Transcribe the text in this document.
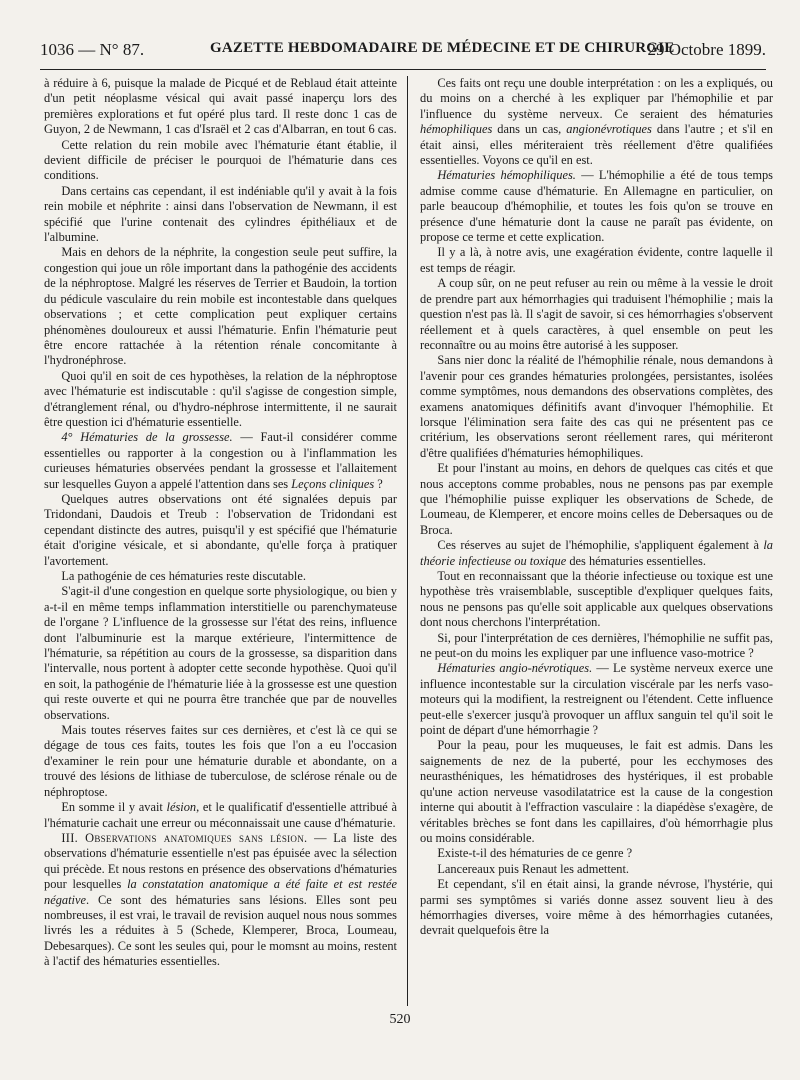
1036 — N° 87.	GAZETTE HEBDOMADAIRE DE MÉDECINE ET DE CHIRURGIE
29 Octobre 1899.

à réduire à 6, puisque la malade de Picqué et de Reblaud était atteinte d'un petit néoplasme vésical qui avait passé inaperçu lors des premières explorations et fut opéré plus tard. Il reste donc 1 cas de Guyon, 2 de Newmann, 1 cas d'Israël et 2 cas d'Albarran, en tout 6 cas.

Cette relation du rein mobile avec l'hématurie étant établie, il devient difficile de préciser le pourquoi de l'hématurie dans ces conditions.

Dans certains cas cependant, il est indéniable qu'il y avait à la fois rein mobile et néphrite : ainsi dans l'observation de Newmann, il est spécifié que l'urine contenait des cylindres épithéliaux et de l'albumine.

Mais en dehors de la néphrite, la congestion seule peut suffire, la congestion qui joue un rôle important dans la pathogénie des accidents de la néphroptose. Malgré les réserves de Terrier et Baudoin, la tortion du pédicule vasculaire du rein mobile est incontestable dans quelques observations ; et cette complication peut expliquer certains phénomènes douloureux et aussi l'hématurie. Enfin l'hématurie peut être encore rattachée à la rétention rénale concomitante à l'hydronéphrose.

Quoi qu'il en soit de ces hypothèses, la relation de la néphroptose avec l'hématurie est indiscutable : qu'il s'agisse de congestion simple, d'étranglement rénal, ou d'hydro-néphrose intermittente, il ne saurait être question ici d'hématurie essentielle.

4° Hématuries de la grossesse. — Faut-il considérer comme essentielles ou rapporter à la congestion ou à l'inflammation les curieuses hématuries observées pendant la grossesse et l'allaitement sur lesquelles Guyon a appelé l'attention dans ses Leçons cliniques ?

Quelques autres observations ont été signalées depuis par Tridondani, Daudois et Treub : l'observation de Tridondani est cependant distincte des autres, puisqu'il y est spécifié que l'hématurie était d'origine vésicale, et si abondante, qu'elle força à pratiquer l'avortement.

La pathogénie de ces hématuries reste discutable.

S'agit-il d'une congestion en quelque sorte physiologique, ou bien y a-t-il en même temps inflammation interstitielle ou parenchymateuse de l'organe ? L'influence de la grossesse sur l'état des reins, influence dont l'albuminurie est la marque extérieure, l'intermittence de l'hématurie, sa répétition au cours de la grossesse, sa disparition dans l'intervalle, nous portent à adopter cette seconde hypothèse. Quoi qu'il en soit, la pathogénie de l'hématurie liée à la grossesse est une question qui reste ouverte et qui ne pourra être tranchée que par de nouvelles observations.

Mais toutes réserves faites sur ces dernières, et c'est là ce qui se dégage de tous ces faits, toutes les fois que l'on a eu l'occasion d'examiner le rein pour une hématurie durable et abondante, on a trouvé des lésions de lithiase de tuberculose, de sclérose rénale ou de néphroptose.

En somme il y avait lésion, et le qualificatif d'essentielle attribué à l'hématurie cachait une erreur ou méconnaissait une cause d'hématurie.

III. Observations anatomiques sans lésion. — La liste des observations d'hématurie essentielle n'est pas épuisée avec la sélection qui précède. Et nous restons en présence des observations d'hématuries pour lesquelles la constatation anatomique a été faite et est restée négative. Ce sont des hématuries sans lésions. Elles sont peu nombreuses, il est vrai, le travail de revision auquel nous nous sommes livrés les a réduites à 5 (Schede, Klemperer, Broca, Loumeau, Debesarques). Ce sont les seules qui, pour le momsnt au moins, restent à l'actif des hématuries essentielles.

Ces faits ont reçu une double interprétation : on les a expliqués, ou du moins on a cherché à les expliquer par l'hémophilie et par l'influence du système nerveux. Ce seraient des hématuries hémophiliques dans un cas, angionévrotiques dans l'autre ; et s'il en était ainsi, elles mériteraient très réellement d'être qualifiées essentielles. Voyons ce qu'il en est.

Hématuries hémophiliques. — L'hémophilie a été de tous temps admise comme cause d'hématurie. En Allemagne en particulier, on parle beaucoup d'hémophilie, et toutes les fois qu'on se trouve en présence d'une hématurie dont la cause ne paraît pas évidente, on propose ce terme et cette explication.

Il y a là, à notre avis, une exagération évidente, contre laquelle il est temps de réagir.

A coup sûr, on ne peut refuser au rein ou même à la vessie le droit de prendre part aux hémorrhagies qui traduisent l'hémophilie ; mais la question n'est pas là. Il s'agit de savoir, si ces hémorrhagies s'observent réellement et à quels caractères, à quel ensemble on peut les reconnaître ou au moins être autorisé à les supposer.

Sans nier donc la réalité de l'hémophilie rénale, nous demandons à l'avenir pour ces grandes hématuries prolongées, persistantes, isolées comme symptômes, nous demandons des observations complètes, des examens anatomiques définitifs avant d'invoquer l'hémophilie. Et lorsque l'élimination sera faite des cas qui ne présentent pas ce critérium, les observations seront réellement rares, qui mériteront d'être qualifiées d'hématuries hémophiliques.

Et pour l'instant au moins, en dehors de quelques cas cités et que nous acceptons comme probables, nous ne pensons pas par exemple que l'hémophilie puisse expliquer les observations de Schede, de Loumeau, de Klemperer, et encore moins celles de Debersaques ou de Broca.

Ces réserves au sujet de l'hémophilie, s'appliquent également à la théorie infectieuse ou toxique des hématuries essentielles.

Tout en reconnaissant que la théorie infectieuse ou toxique est une hypothèse très vraisemblable, susceptible d'expliquer quelques faits, nous ne pensons pas qu'elle soit applicable aux quelques observations dont nous cherchons l'interprétation.

Si, pour l'interprétation de ces dernières, l'hémophilie ne suffit pas, ne peut-on du moins les expliquer par une influence vaso-motrice ?

Hématuries angio-névrotiques. — Le système nerveux exerce une influence incontestable sur la circulation viscérale par les nerfs vaso-moteurs qui la modifient, la restreignent ou l'étendent. Cette influence peut-elle s'exercer jusqu'à provoquer un afflux sanguin tel qu'il soit le point de départ d'une hémorrhagie ?

Pour la peau, pour les muqueuses, le fait est admis. Dans les saignements de nez de la puberté, pour les ecchymoses des neurasthéniques, les hématidroses des hystériques, il est probable qu'une action nerveuse vasodilatatrice est la cause de la congestion interne qui aboutit à l'effraction vasculaire : la diapédèse s'exagère, de véritables brèches se font dans les capillaires, d'où hémorrhagie plus ou moins considérable.

Existe-t-il des hématuries de ce genre ?

Lancereaux puis Renaut les admettent.

Et cependant, s'il en était ainsi, la grande névrose, l'hystérie, qui parmi ses symptômes si variés donne assez souvent lieu à des hémorrhagies diverses, voire même à des hémorrhagies cutanées, devrait quelquefois être la

520
